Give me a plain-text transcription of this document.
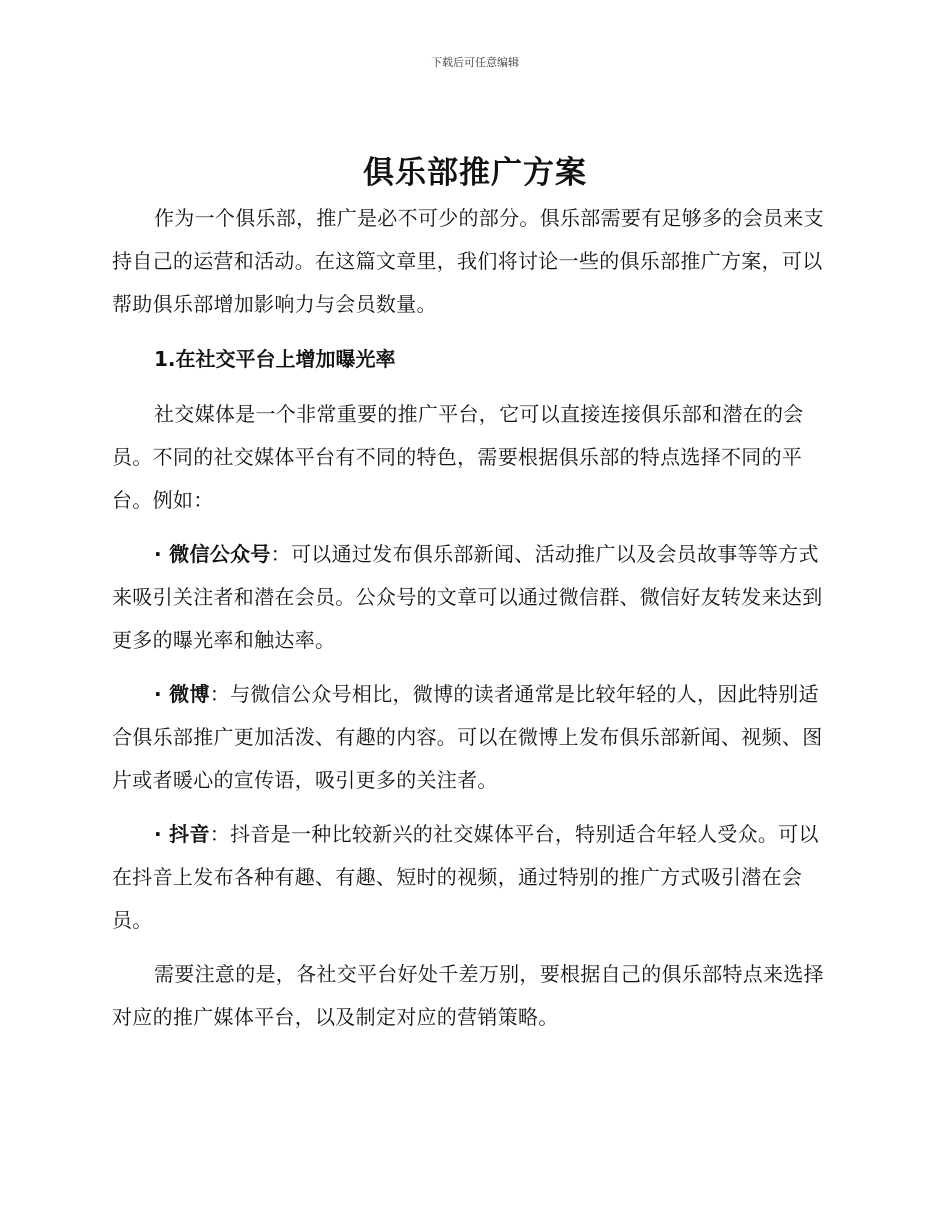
下载后可任意编辑
俱乐部推广方案

作为一个俱乐部，推广是必不可少的部分。俱乐部需要有足够多的会员来支持自己的运营和活动。在这篇文章里，我们将讨论一些的俱乐部推广方案，可以帮助俱乐部增加影响力与会员数量。

1.在社交平台上增加曝光率

社交媒体是一个非常重要的推广平台，它可以直接连接俱乐部和潜在的会员。不同的社交媒体平台有不同的特色，需要根据俱乐部的特点选择不同的平台。例如：

· 微信公众号：可以通过发布俱乐部新闻、活动推广以及会员故事等等方式来吸引关注者和潜在会员。公众号的文章可以通过微信群、微信好友转发来达到更多的曝光率和触达率。

· 微博：与微信公众号相比，微博的读者通常是比较年轻的人，因此特别适合俱乐部推广更加活泼、有趣的内容。可以在微博上发布俱乐部新闻、视频、图片或者暖心的宣传语，吸引更多的关注者。

· 抖音：抖音是一种比较新兴的社交媒体平台，特别适合年轻人受众。可以在抖音上发布各种有趣、有趣、短时的视频，通过特别的推广方式吸引潜在会员。

需要注意的是，各社交平台好处千差万别，要根据自己的俱乐部特点来选择对应的推广媒体平台，以及制定对应的营销策略。
